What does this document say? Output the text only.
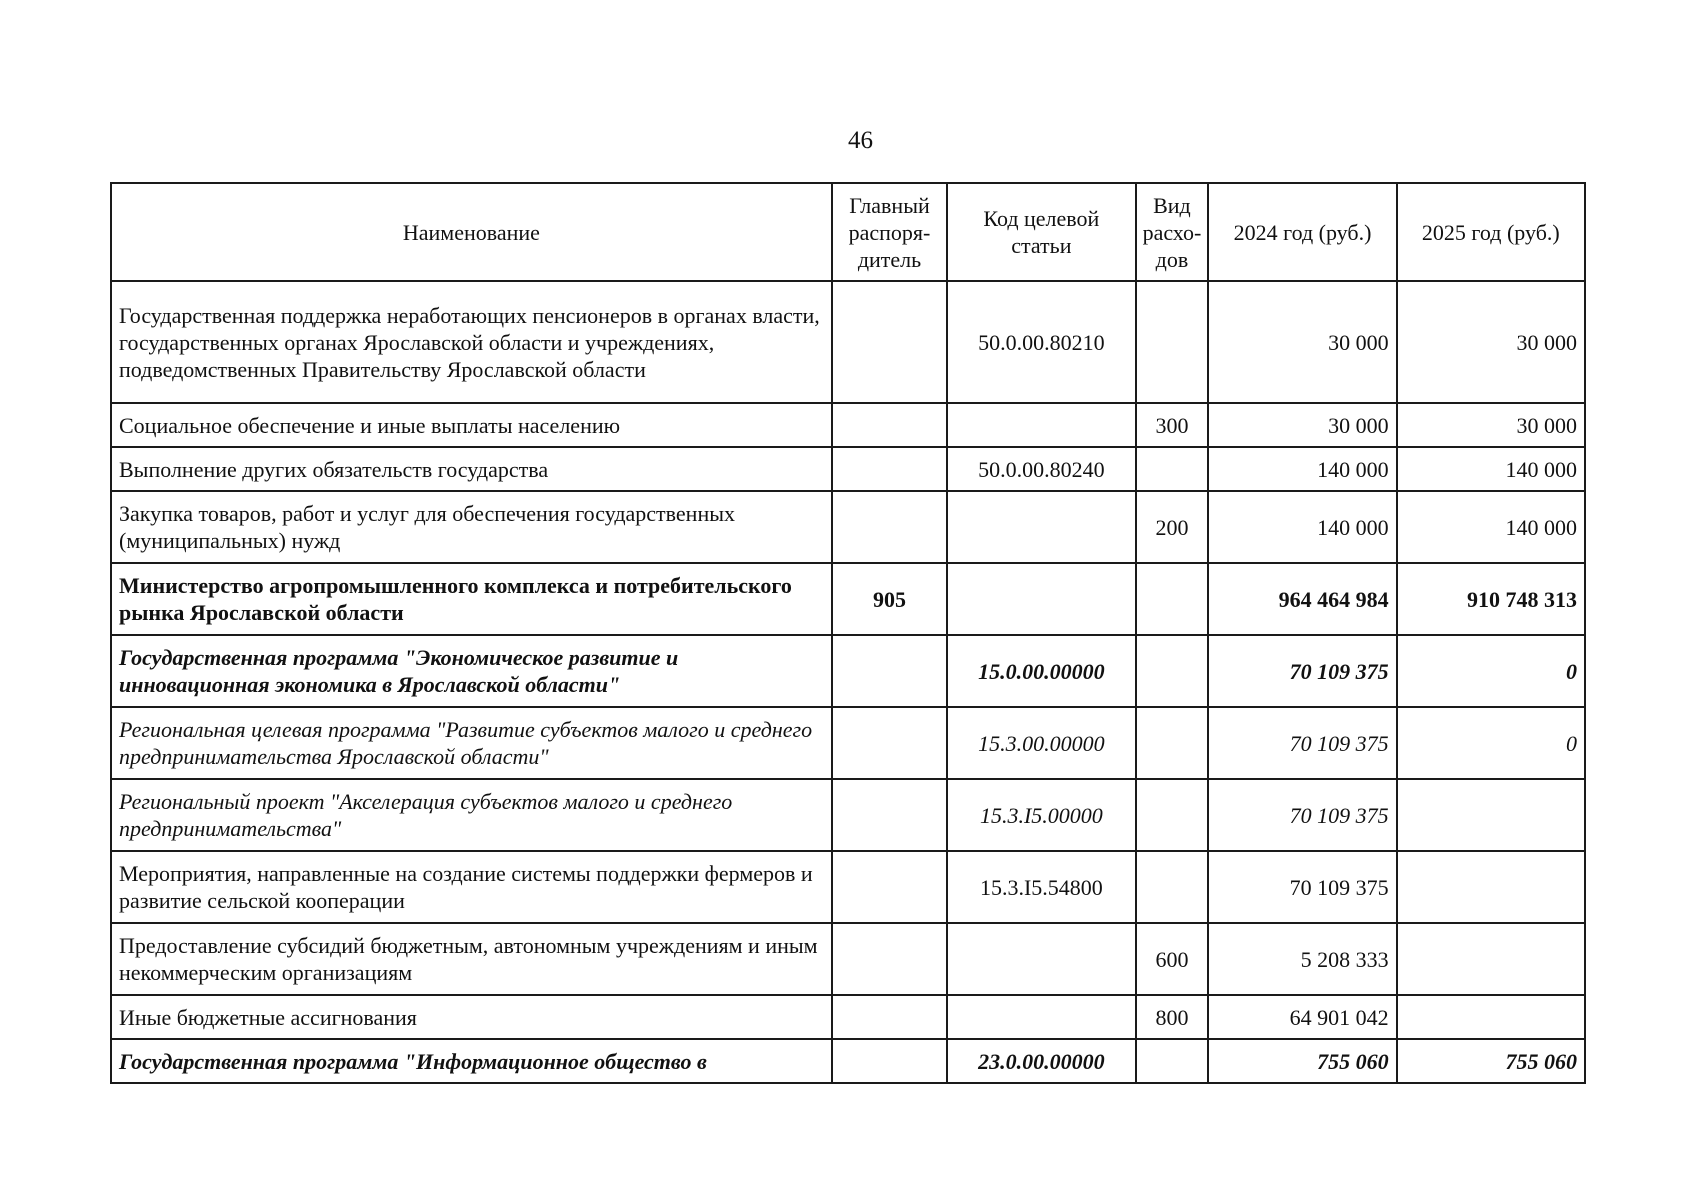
46
Наименование	Главный распоря-дитель	Код целевой статьи	Вид расхо-дов	2024 год (руб.)	2025 год (руб.)
Государственная поддержка неработающих пенсионеров в органах власти, государственных органах Ярославской области и учреждениях, подведомственных Правительству Ярославской области		50.0.00.80210		30 000	30 000
Социальное обеспечение и иные выплаты населению			300	30 000	30 000
Выполнение других обязательств государства		50.0.00.80240		140 000	140 000
Закупка товаров, работ и услуг для обеспечения государственных (муниципальных) нужд			200	140 000	140 000
Министерство агропромышленного комплекса и потребительского рынка Ярославской области	905			964 464 984	910 748 313
Государственная программа "Экономическое развитие и инновационная экономика в Ярославской области"		15.0.00.00000		70 109 375	0
Региональная целевая программа "Развитие субъектов малого и среднего предпринимательства Ярославской области"		15.3.00.00000		70 109 375	0
Региональный проект "Акселерация субъектов малого и среднего предпринимательства"		15.3.I5.00000		70 109 375	
Мероприятия, направленные на создание системы поддержки фермеров и развитие сельской кооперации		15.3.I5.54800		70 109 375	
Предоставление субсидий бюджетным, автономным учреждениям и иным некоммерческим организациям			600	5 208 333	
Иные бюджетные ассигнования			800	64 901 042	
Государственная программа "Информационное общество в		23.0.00.00000		755 060	755 060
